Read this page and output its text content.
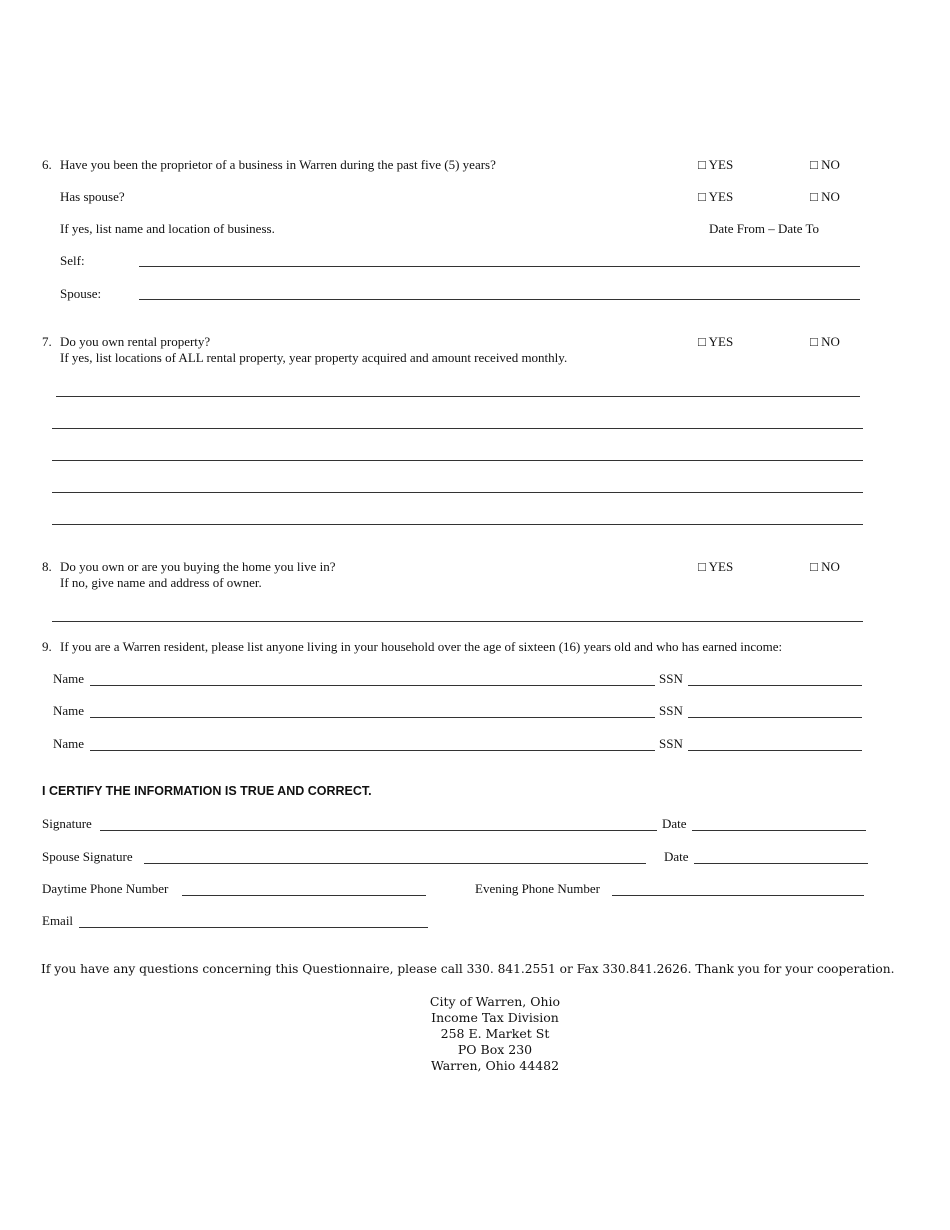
6. Have you been the proprietor of a business in Warren during the past five (5) years?	□ YES	□ NO
Has spouse?	□ YES	□ NO
If yes, list name and location of business.	Date From – Date To
Self:
Spouse:
7. Do you own rental property?	□ YES	□ NO
If yes, list locations of ALL rental property, year property acquired and amount received monthly.
8. Do you own or are you buying the home you live in?	□ YES	□ NO
If no, give name and address of owner.
9. If you are a Warren resident, please list anyone living in your household over the age of sixteen (16) years old and who has earned income:
Name	SSN
Name	SSN
Name	SSN
I CERTIFY THE INFORMATION IS TRUE AND CORRECT.
Signature	Date
Spouse Signature	Date
Daytime Phone Number	Evening Phone Number
Email
If you have any questions concerning this Questionnaire, please call 330. 841.2551 or Fax 330.841.2626. Thank you for your cooperation.
City of Warren, Ohio
Income Tax Division
258 E. Market St
PO Box 230
Warren, Ohio 44482
